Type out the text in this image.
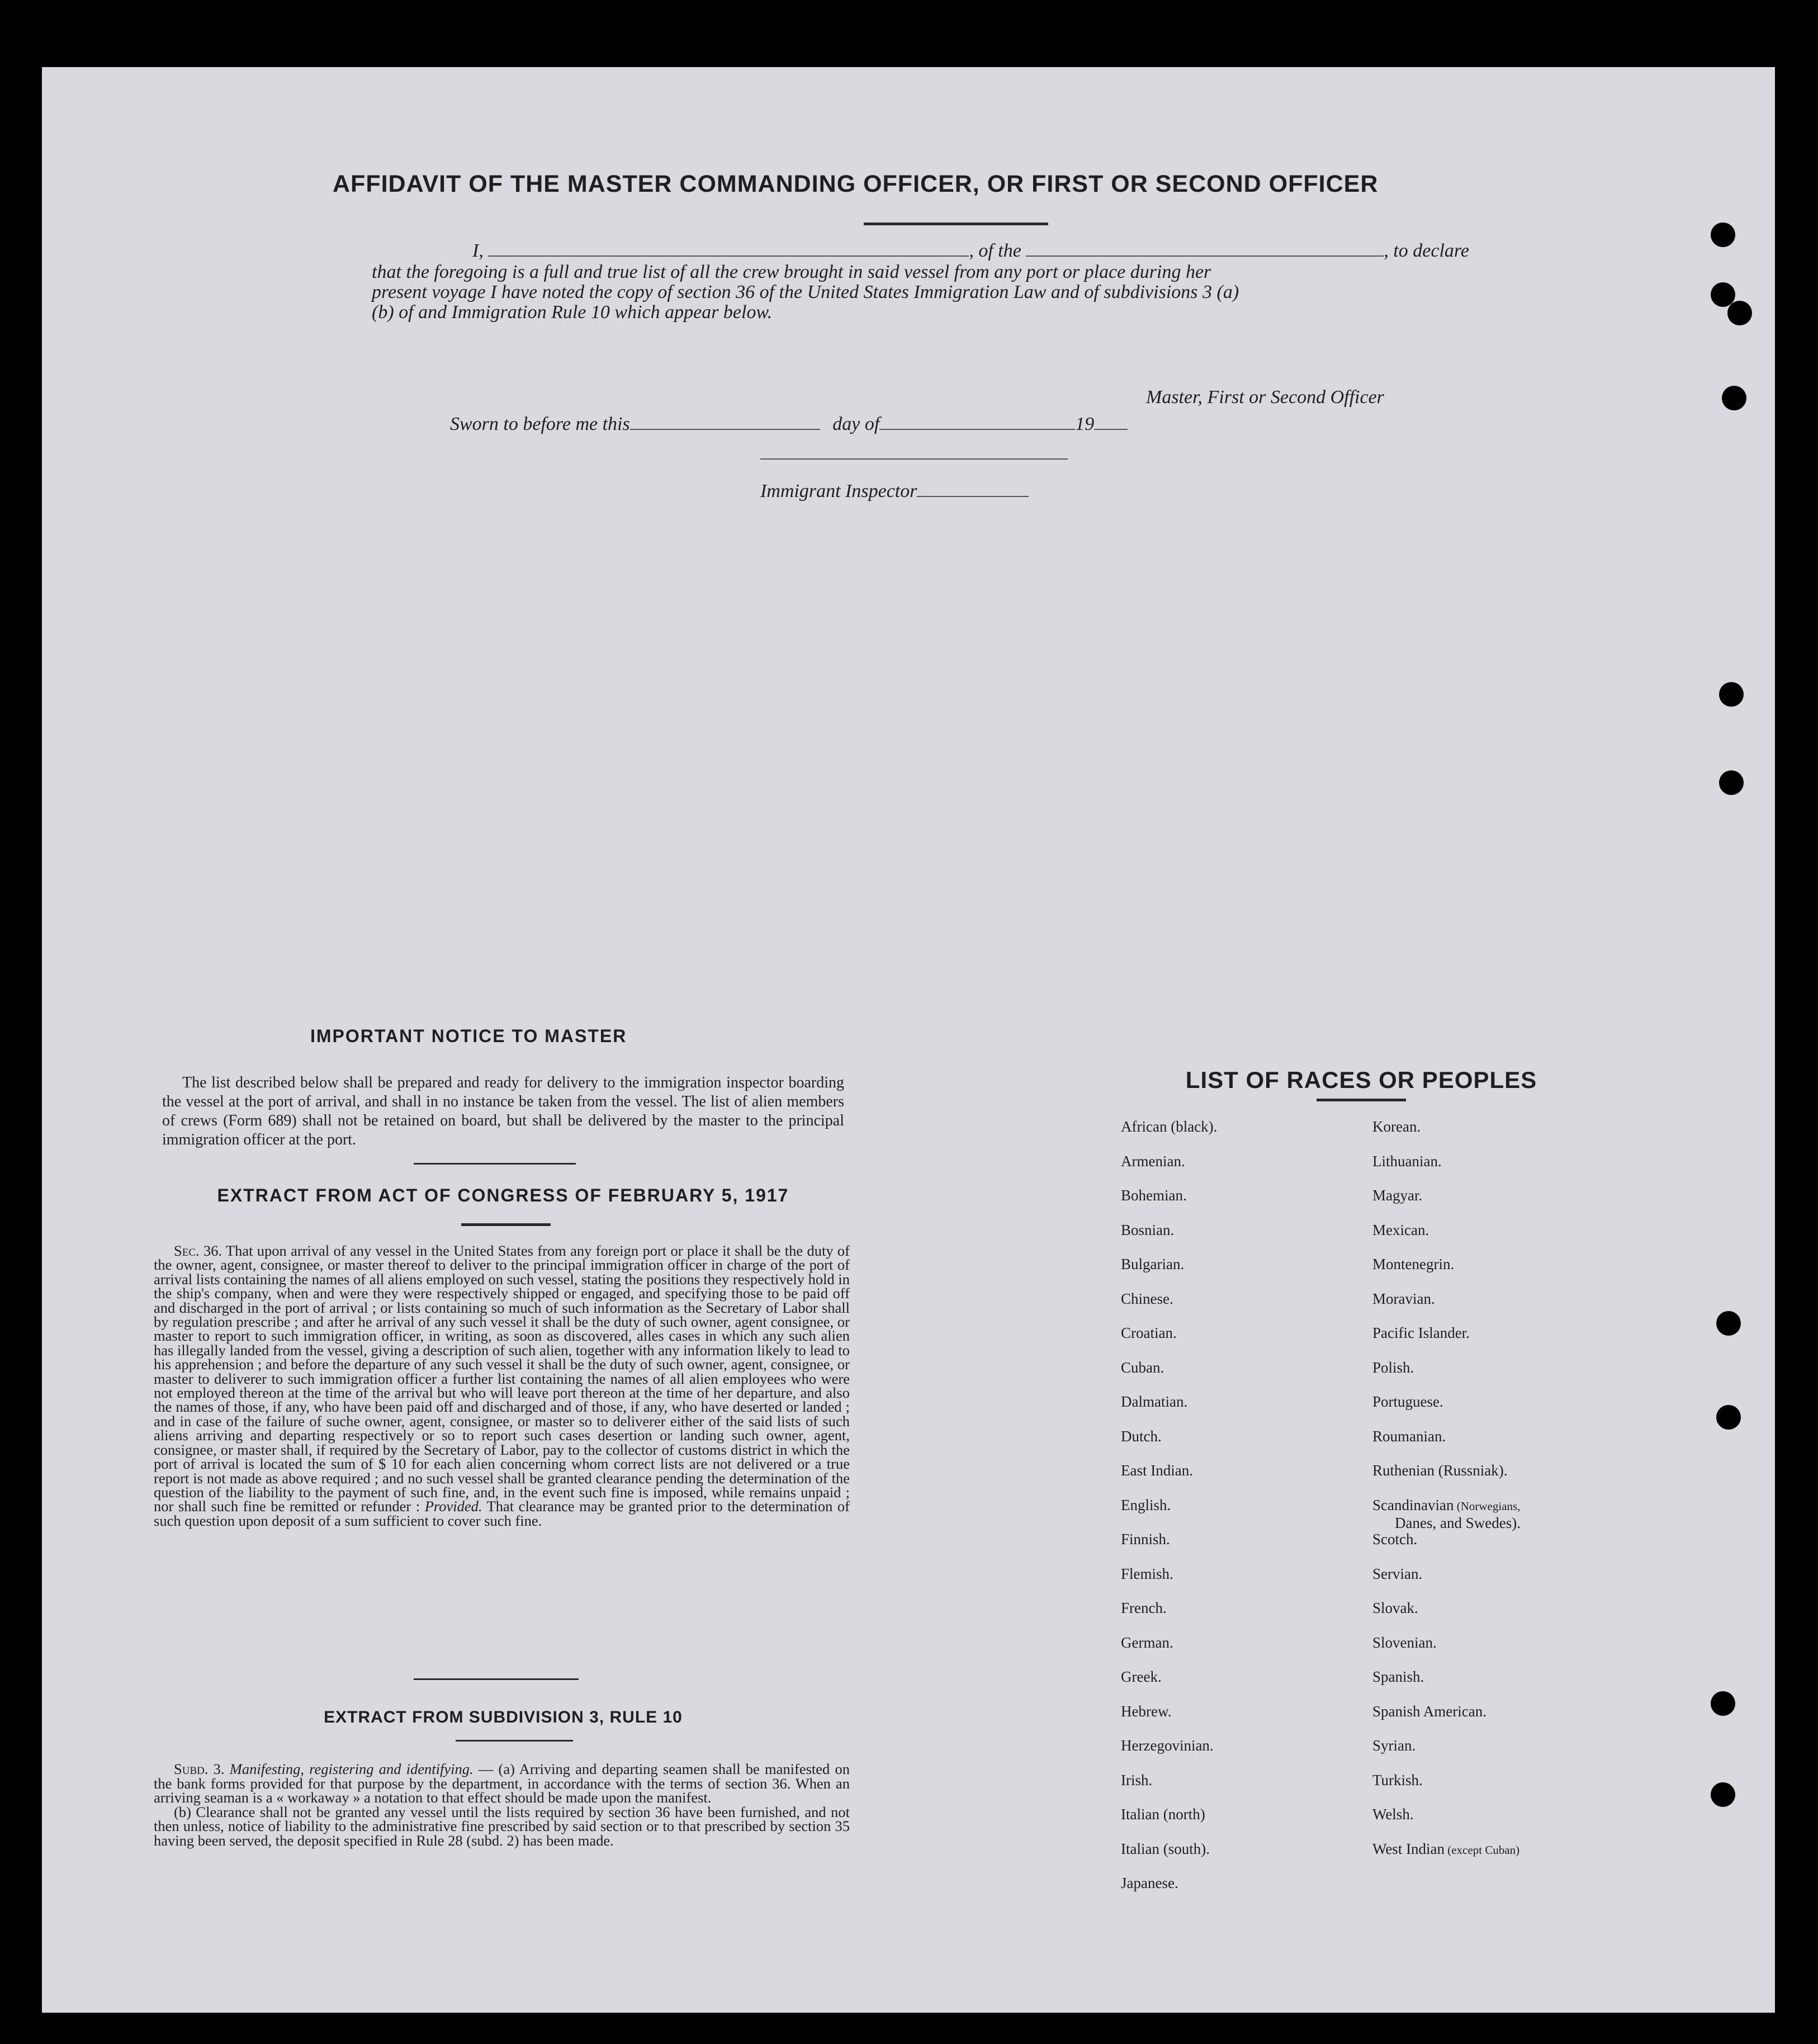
AFFIDAVIT OF THE MASTER COMMANDING OFFICER, OR FIRST OR SECOND OFFICER
I,	, of the	, to declare
that the foregoing is a full and true list of all the crew brought in said vessel from any port or place during her
present voyage I have noted the copy of section 36 of the United States Immigration Law and of subdivisions 3 (a)
(b) of and Immigration Rule 10 which appear below.
Master, First or Second Officer
Sworn to before me this	day of	19
Immigrant Inspector
IMPORTANT NOTICE TO MASTER
The list described below shall be prepared and ready for delivery to the immigration inspector boarding the vessel at the port of arrival, and shall in no instance be taken from the vessel. The list of alien members of crews (Form 689) shall not be retained on board, but shall be delivered by the master to the principal immigration officer at the port.
EXTRACT FROM ACT OF CONGRESS OF FEBRUARY 5, 1917
Sec. 36. That upon arrival of any vessel in the United States from any foreign port or place it shall be the duty of the owner, agent, consignee, or master thereof to deliver to the principal immigration officer in charge of the port of arrival lists containing the names of all aliens employed on such vessel, stating the positions they respectively hold in the ship's company, when and were they were respectively shipped or engaged, and specifying those to be paid off and discharged in the port of arrival ; or lists containing so much of such information as the Secretary of Labor shall by regulation prescribe ; and after he arrival of any such vessel it shall be the duty of such owner, agent consignee, or master to report to such immigration officer, in writing, as soon as discovered, alles cases in which any such alien has illegally landed from the vessel, giving a description of such alien, together with any information likely to lead to his apprehension ; and before the departure of any such vessel it shall be the duty of such owner, agent, consignee, or master to deliverer to such immigration officer a further list containing the names of all alien employees who were not employed thereon at the time of the arrival but who will leave port thereon at the time of her departure, and also the names of those, if any, who have been paid off and discharged and of those, if any, who have deserted or landed ; and in case of the failure of suche owner, agent, consignee, or master so to deliverer either of the said lists of such aliens arriving and departing respectively or so to report such cases desertion or landing such owner, agent, consignee, or master shall, if required by the Secretary of Labor, pay to the collector of customs district in which the port of arrival is located the sum of $ 10 for each alien concerning whom correct lists are not delivered or a true report is not made as above required ; and no such vessel shall be granted clearance pending the determination of the question of the liability to the payment of such fine, and, in the event such fine is imposed, while remains unpaid ; nor shall such fine be remitted or refunder : Provided. That clearance may be granted prior to the determination of such question upon deposit of a sum sufficient to cover such fine.
EXTRACT FROM SUBDIVISION 3, RULE 10
Subd. 3. Manifesting, registering and identifying. — (a) Arriving and departing seamen shall be manifested on the bank forms provided for that purpose by the department, in accordance with the terms of section 36. When an arriving seaman is a « workaway » a notation to that effect should be made upon the manifest.
(b) Clearance shall not be granted any vessel until the lists required by section 36 have been furnished, and not then unless, notice of liability to the administrative fine prescribed by said section or to that prescribed by section 35 having been served, the deposit specified in Rule 28 (subd. 2) has been made.
LIST OF RACES OR PEOPLES
African (black).
Armenian.
Bohemian.
Bosnian.
Bulgarian.
Chinese.
Croatian.
Cuban.
Dalmatian.
Dutch.
East Indian.
English.
Finnish.
Flemish.
French.
German.
Greek.
Hebrew.
Herzegovinian.
Irish.
Italian (north)
Italian (south).
Japanese.
Korean.
Lithuanian.
Magyar.
Mexican.
Montenegrin.
Moravian.
Pacific Islander.
Polish.
Portuguese.
Roumanian.
Ruthenian (Russniak).
Scandinavian (Norwegians,
Danes, and Swedes).
Scotch.
Servian.
Slovak.
Slovenian.
Spanish.
Spanish American.
Syrian.
Turkish.
Welsh.
West Indian (except Cuban)
